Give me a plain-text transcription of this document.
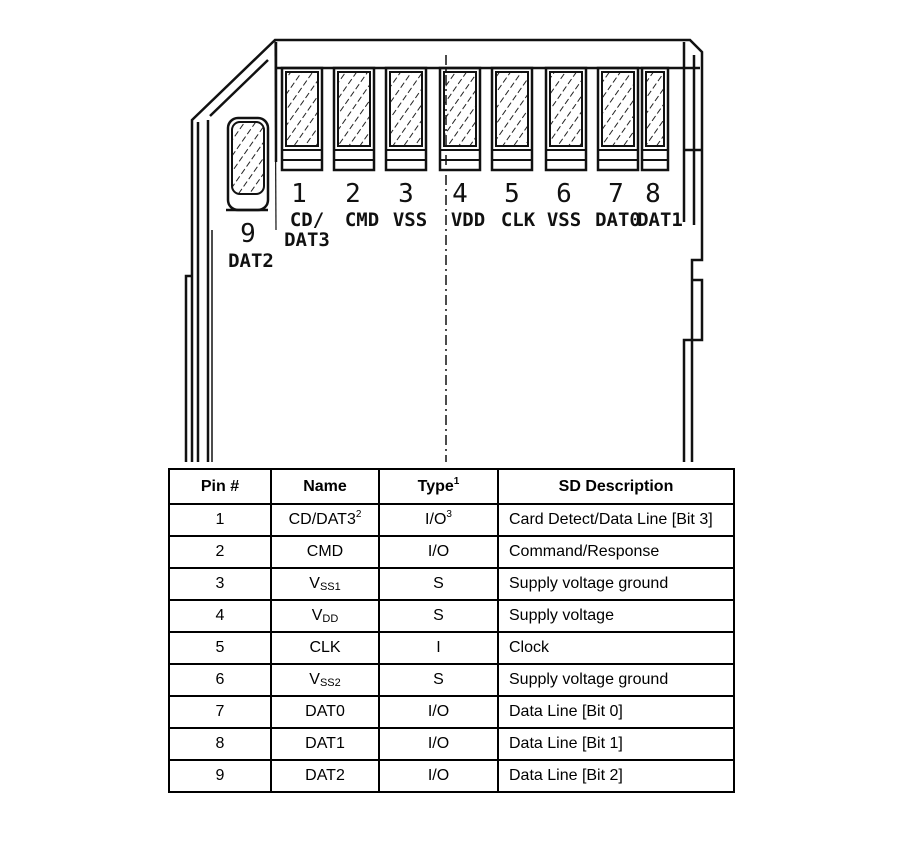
1
CD/
DAT3
2
CMD
3
VSS
4
VDD
5
CLK
6
VSS
7
DAT0
8
DAT1
9
DAT2
Pin #	Name	Type$^1$	SD Description
1	$CD/DAT3^2$	$I/O^3$	Card Detect/Data Line [Bit 3]
2	CMD	I/O	Command/Response
3	$V_{SS1}$	S	Supply voltage ground
4	$V_{DD}$	S	Supply voltage
5	CLK	I	Clock
6	$V_{SS2}$	S	Supply voltage ground
7	DAT0	I/O	Data Line [Bit 0]
8	DAT1	I/O	Data Line [Bit 1]
9	DAT2	I/O	Data Line [Bit 2]
